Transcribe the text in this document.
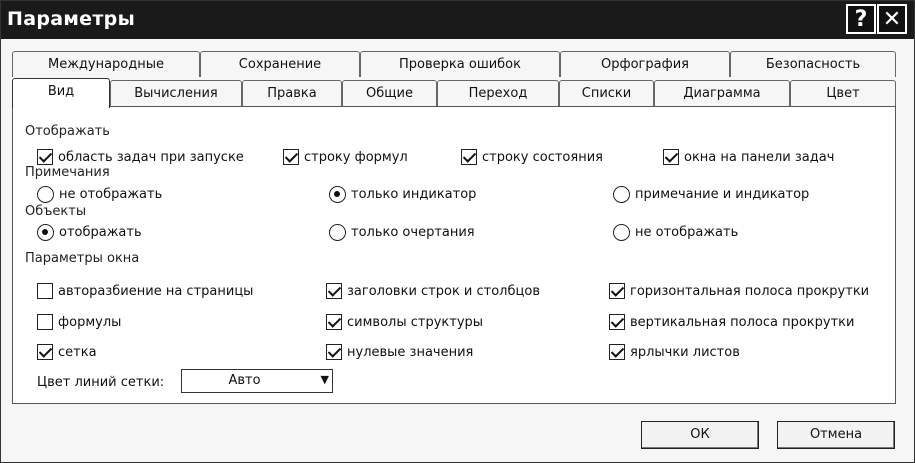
Параметры	? ✕
Международные	Сохранение	Проверка ошибок	Орфография	Безопасность
Вид	Вычисления	Правка	Общие	Переход	Списки	Диаграмма	Цвет
Отображать
область задач при запуске	строку формул	строку состояния	окна на панели задач
Примечания
не отображать	только индикатор	примечание и индикатор
Объекты
отображать	только очертания	не отображать
Параметры окна
авторазбиение на страницы	заголовки строк и столбцов	горизонтальная полоса прокрутки
формулы	символы структуры	вертикальная полоса прокрутки
сетка	нулевые значения	ярлычки листов
Цвет линий сетки:	Авто	▼
ОК	Отмена
